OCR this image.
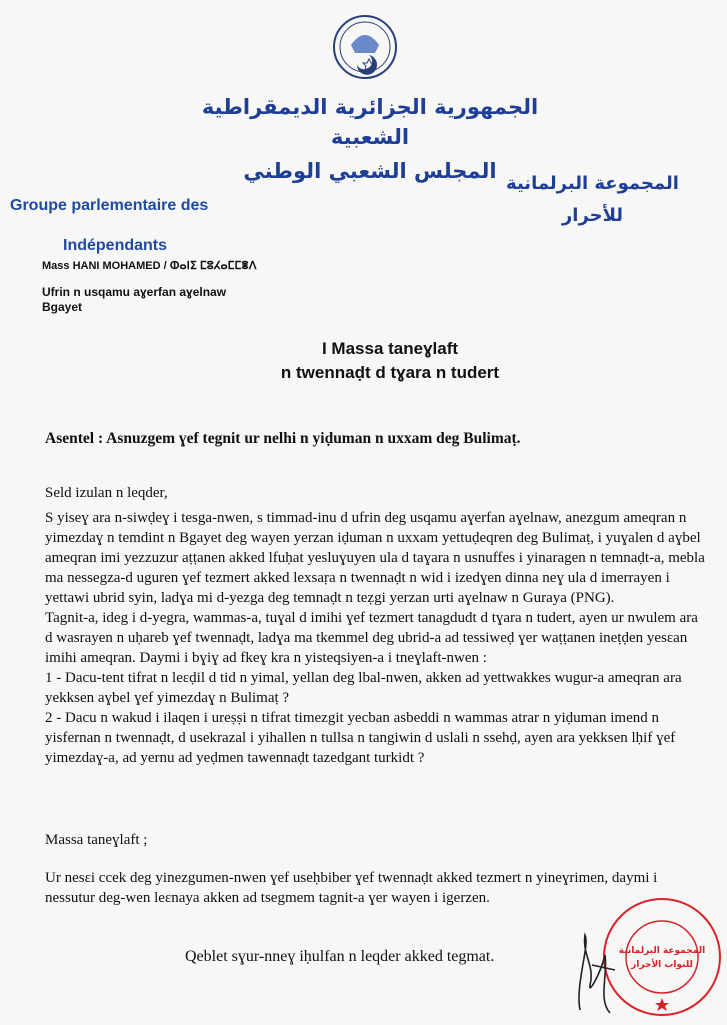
الجمهورية الجزائرية الديمقراطية الشعبية
المجلس الشعبي الوطني
المجموعة البرلمانية
للأحرار
Groupe parlementaire des
Indépendants
Mass HANI MOHAMED / ⵀⴰⵏⵉ ⵎⵓⵃⴰⵎⵎⴻⴷ
Ufrin n usqamu aɣerfan aɣelnaw
Bgayet
I Massa taneɣlaft
n twennaḍt d tɣara n tudert
Asentel : Asnuzgem ɣef tegnit ur nelhi n yiḍuman n uxxam deg Bulimaṭ.
Seld izulan n leqder,

S yiseɣ ara n-siwḍeɣ i tesga-nwen, s timmad-inu d ufrin deg usqamu aɣerfan aɣelnaw, anezgum ameqran n yimezdaɣ n temdint n Bgayet deg wayen yerzan iḍuman n uxxam yettuḍeqren deg Bulimaṭ, i yuɣalen d aɣbel ameqran imi yezzuzur aṭṭanen akked lfuḥat yesluɣuyen ula d taɣara n usnuffes i yinaragen n temnaḍt-a, mebla ma nessegza-d uguren ɣef tezmert akked lexsaṛa n twennaḍt n wid i izedɣen dinna neɣ ula d imerrayen i yettawi ubrid syin, ladɣa mi d-yezga deg temnaḍt n teẓgi yerzan urti aɣelnaw n Guraya (PNG).

Tagnit-a, ideg i d-yegra, wammas-a, tuɣal d imihi ɣef tezmert tanagdudt d tɣara n tudert, ayen ur nwulem ara d wasrayen n uḥareb ɣef twennaḍt, ladɣa ma tkemmel deg ubrid-a ad tessiweḍ ɣer waṭṭanen ineṭḍen yesɛan imihi ameqran. Daymi i bɣiɣ ad fkeɣ kra n yisteqsiyen-a i tneɣlaft-nwen :

1 - Dacu-tent tifrat n leɛḍil d tid n yimal, yellan deg lbal-nwen, akken ad yettwakkes wugur-a ameqran ara yekksen aɣbel ɣef yimezdaɣ n Bulimaṭ ?

2 - Dacu n wakud i ilaqen i ureṣṣi n tifrat timezgit yecban asbeddi n wammas atrar n yiḍuman imend n yisfernan n twennaḍt, d usekrazal i yihallen n tullsa n tangiwin d uslali n ssehḍ, ayen ara yekksen lḥif ɣef yimezdaɣ-a, ad yernu ad yeḍmen tawennaḍt tazedgant turkidt ?

Massa taneɣlaft ;
Ur nesɛi ccek deg yinezgumen-nwen ɣef useḥbiber ɣef twennaḍt akked tezmert n yineɣrimen, daymi i nessutur deg-wen leɛnaya akken ad tsegmem tagnit-a ɣer wayen i igerzen.
Qeblet sɣur-nneɣ iḥulfan n leqder akked tegmat.	المجموعة البرلمانية
للنواب الأحرار
